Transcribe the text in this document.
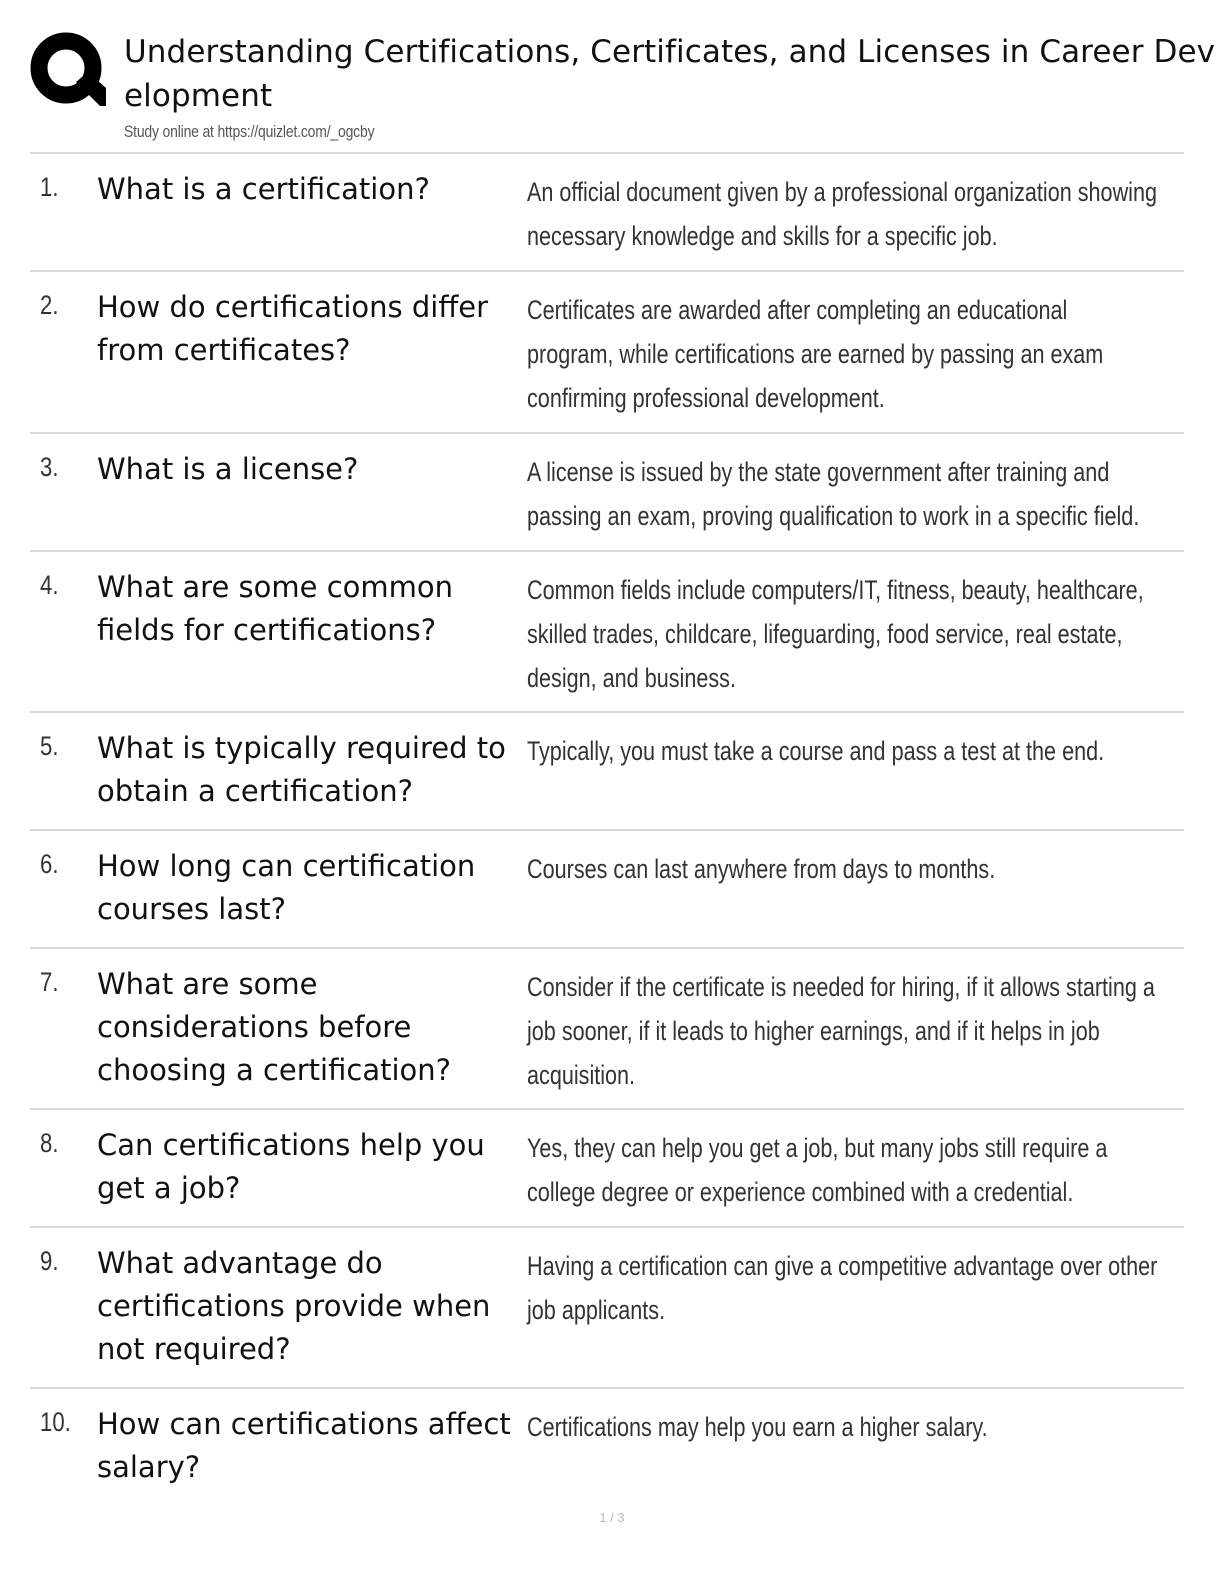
Understanding Certifications, Certificates, and Licenses in Career Development
Study online at https://quizlet.com/_ogcby
1. What is a certification?	An official document given by a professional organization showing necessary knowledge and skills for a specific job.
2. How do certifications differ from certificates?
Certificates are awarded after completing an educational program, while certifications are earned by passing an exam confirming professional development.
3. What is a license?	A license is issued by the state government after training and passing an exam, proving qualification to work in a specific field.
4. What are some common fields for certifications?
Common fields include computers/IT, fitness, beauty, healthcare, skilled trades, childcare, lifeguarding, food service, real estate, design, and business.
5. What is typically required to obtain a certification?
Typically, you must take a course and pass a test at the end.
6. How long can certification courses last?
Courses can last anywhere from days to months.
7. What are some considerations before choosing a certification?
Consider if the certificate is needed for hiring, if it allows starting a job sooner, if it leads to higher earnings, and if it helps in job acquisition.
8. Can certifications help you get a job?
Yes, they can help you get a job, but many jobs still require a college degree or experience combined with a credential.
9. What advantage do certifications provide when not required?
Having a certification can give a competitive advantage over other job applicants.
10. How can certifications affect salary?
Certifications may help you earn a higher salary.
1 / 3
